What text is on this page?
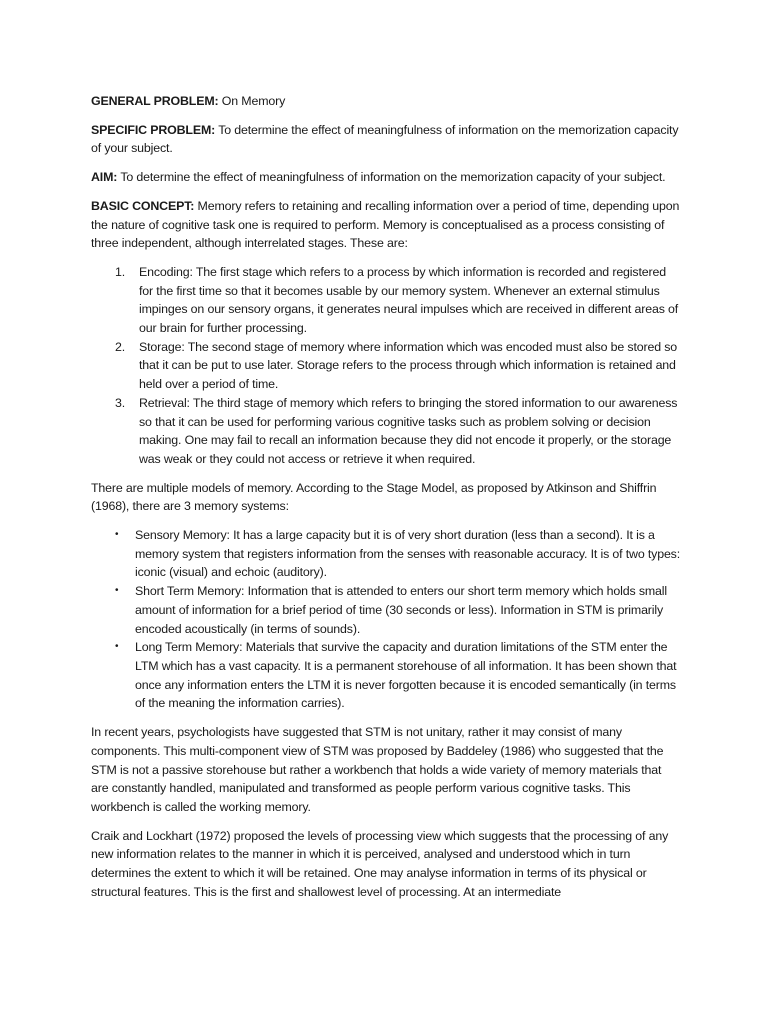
GENERAL PROBLEM: On Memory

SPECIFIC PROBLEM: To determine the effect of meaningfulness of information on the memorization capacity of your subject.

AIM: To determine the effect of meaningfulness of information on the memorization capacity of your subject.

BASIC CONCEPT: Memory refers to retaining and recalling information over a period of time, depending upon the nature of cognitive task one is required to perform. Memory is conceptualised as a process consisting of three independent, although interrelated stages. These are:

1. Encoding: The first stage which refers to a process by which information is recorded and registered for the first time so that it becomes usable by our memory system. Whenever an external stimulus impinges on our sensory organs, it generates neural impulses which are received in different areas of our brain for further processing.
2. Storage: The second stage of memory where information which was encoded must also be stored so that it can be put to use later. Storage refers to the process through which information is retained and held over a period of time.
3. Retrieval: The third stage of memory which refers to bringing the stored information to our awareness so that it can be used for performing various cognitive tasks such as problem solving or decision making. One may fail to recall an information because they did not encode it properly, or the storage was weak or they could not access or retrieve it when required.

There are multiple models of memory. According to the Stage Model, as proposed by Atkinson and Shiffrin (1968), there are 3 memory systems:

• Sensory Memory: It has a large capacity but it is of very short duration (less than a second). It is a memory system that registers information from the senses with reasonable accuracy. It is of two types: iconic (visual) and echoic (auditory).
• Short Term Memory: Information that is attended to enters our short term memory which holds small amount of information for a brief period of time (30 seconds or less). Information in STM is primarily encoded acoustically (in terms of sounds).
• Long Term Memory: Materials that survive the capacity and duration limitations of the STM enter the LTM which has a vast capacity. It is a permanent storehouse of all information. It has been shown that once any information enters the LTM it is never forgotten because it is encoded semantically (in terms of the meaning the information carries).

In recent years, psychologists have suggested that STM is not unitary, rather it may consist of many components. This multi-component view of STM was proposed by Baddeley (1986) who suggested that the STM is not a passive storehouse but rather a workbench that holds a wide variety of memory materials that are constantly handled, manipulated and transformed as people perform various cognitive tasks. This workbench is called the working memory.

Craik and Lockhart (1972) proposed the levels of processing view which suggests that the processing of any new information relates to the manner in which it is perceived, analysed and understood which in turn determines the extent to which it will be retained. One may analyse information in terms of its physical or structural features. This is the first and shallowest level of processing. At an intermediate
